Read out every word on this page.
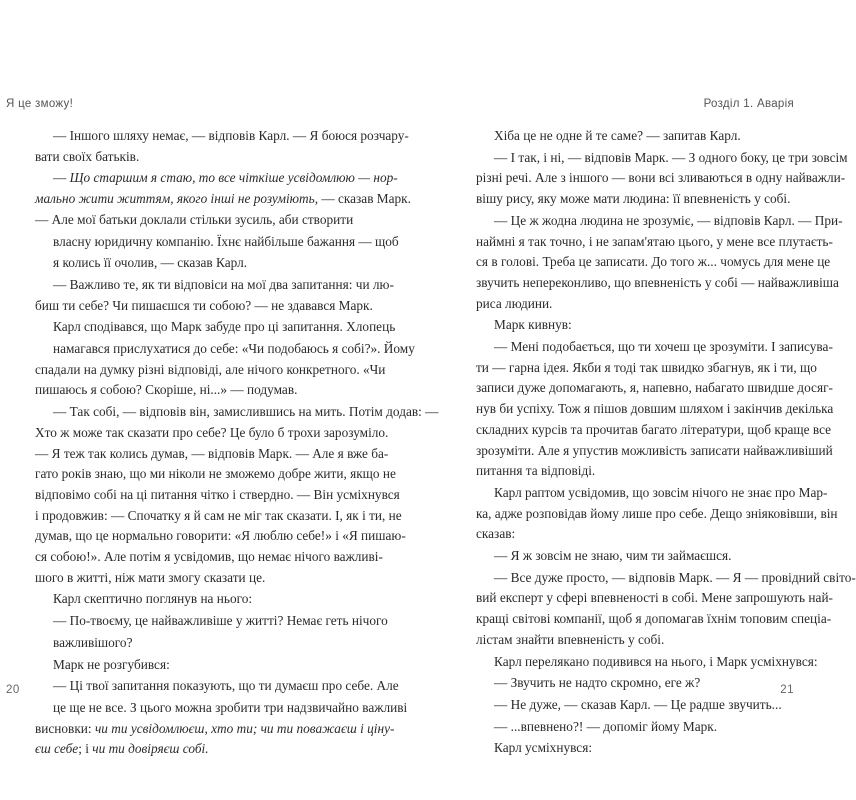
Я це зможу!
— Іншого шляху немає, — відповів Карл. — Я боюся розчару-
вати своїх батьків.
— Що старшим я стаю, то все чіткіше усвідомлюю — нор-
мально жити життям, якого інші не розуміють, — сказав Марк.
— Але мої батьки доклали стільки зусиль, аби створити
власну юридичну компанію. Їхнє найбільше бажання — щоб
я колись її очолив, — сказав Карл.
— Важливо те, як ти відповіси на мої два запитання: чи лю-
биш ти себе? Чи пишаєшся ти собою? — не здавався Марк.
Карл сподівався, що Марк забуде про ці запитання. Хлопець
намагався прислухатися до себе: «Чи подобаюсь я собі?». Йому
спадали на думку різні відповіді, але нічого конкретного. «Чи
пишаюсь я собою? Скоріше, ні...» — подумав.
— Так собі, — відповів він, замислившись на мить. Потім додав: —
Хто ж може так сказати про себе? Це було б трохи зарозуміло.
— Я теж так колись думав, — відповів Марк. — Але я вже ба-
гато років знаю, що ми ніколи не зможемо добре жити, якщо не
відповімо собі на ці питання чітко і ствердно. — Він усміхнувся
і продовжив: — Спочатку я й сам не міг так сказати. І, як і ти, не
думав, що це нормально говорити: «Я люблю себе!» і «Я пишаю-
ся собою!». Але потім я усвідомив, що немає нічого важливі-
шого в житті, ніж мати змогу сказати це.
Карл скептично поглянув на нього:
— По-твоєму, це найважливіше у житті? Немає геть нічого
важливішого?
Марк не розгубився:
— Ці твої запитання показують, що ти думаєш про себе. Але
це ще не все. З цього можна зробити три надзвичайно важливі
висновки: чи ти усвідомлюєш, хто ти; чи ти поважаєш і ціну-
єш себе; і чи ти довіряєш собі.
20
Розділ 1. Аварія
Хіба це не одне й те саме? — запитав Карл.
— І так, і ні, — відповів Марк. — З одного боку, це три зовсім
різні речі. Але з іншого — вони всі зливаються в одну найважли-
вішу рису, яку може мати людина: її впевненість у собі.
— Це ж жодна людина не зрозуміє, — відповів Карл. — При-
наймні я так точно, і не запам'ятаю цього, у мене все плутаєть-
ся в голові. Треба це записати. До того ж... чомусь для мене це
звучить непереконливо, що впевненість у собі — найважливіша
риса людини.
Марк кивнув:
— Мені подобається, що ти хочеш це зрозуміти. І записува-
ти — гарна ідея. Якби я тоді так швидко збагнув, як і ти, що
записи дуже допомагають, я, напевно, набагато швидше досяг-
нув би успіху. Тож я пішов довшим шляхом і закінчив декілька
складних курсів та прочитав багато літератури, щоб краще все
зрозуміти. Але я упустив можливість записати найважливіший
питання та відповіді.
Карл раптом усвідомив, що зовсім нічого не знає про Мар-
ка, адже розповідав йому лише про себе. Дещо зніяковівши, він
сказав:
— Я ж зовсім не знаю, чим ти займаєшся.
— Все дуже просто, — відповів Марк. — Я — провідний світо-
вий експерт у сфері впевненості в собі. Мене запрошують най-
кращі світові компанії, щоб я допомагав їхнім топовим спеціа-
лістам знайти впевненість у собі.
Карл перелякано подивився на нього, і Марк усміхнувся:
— Звучить не надто скромно, еге ж?
— Не дуже, — сказав Карл. — Це радше звучить...
— ...впевнено?! — допоміг йому Марк.
Карл усміхнувся:
21
